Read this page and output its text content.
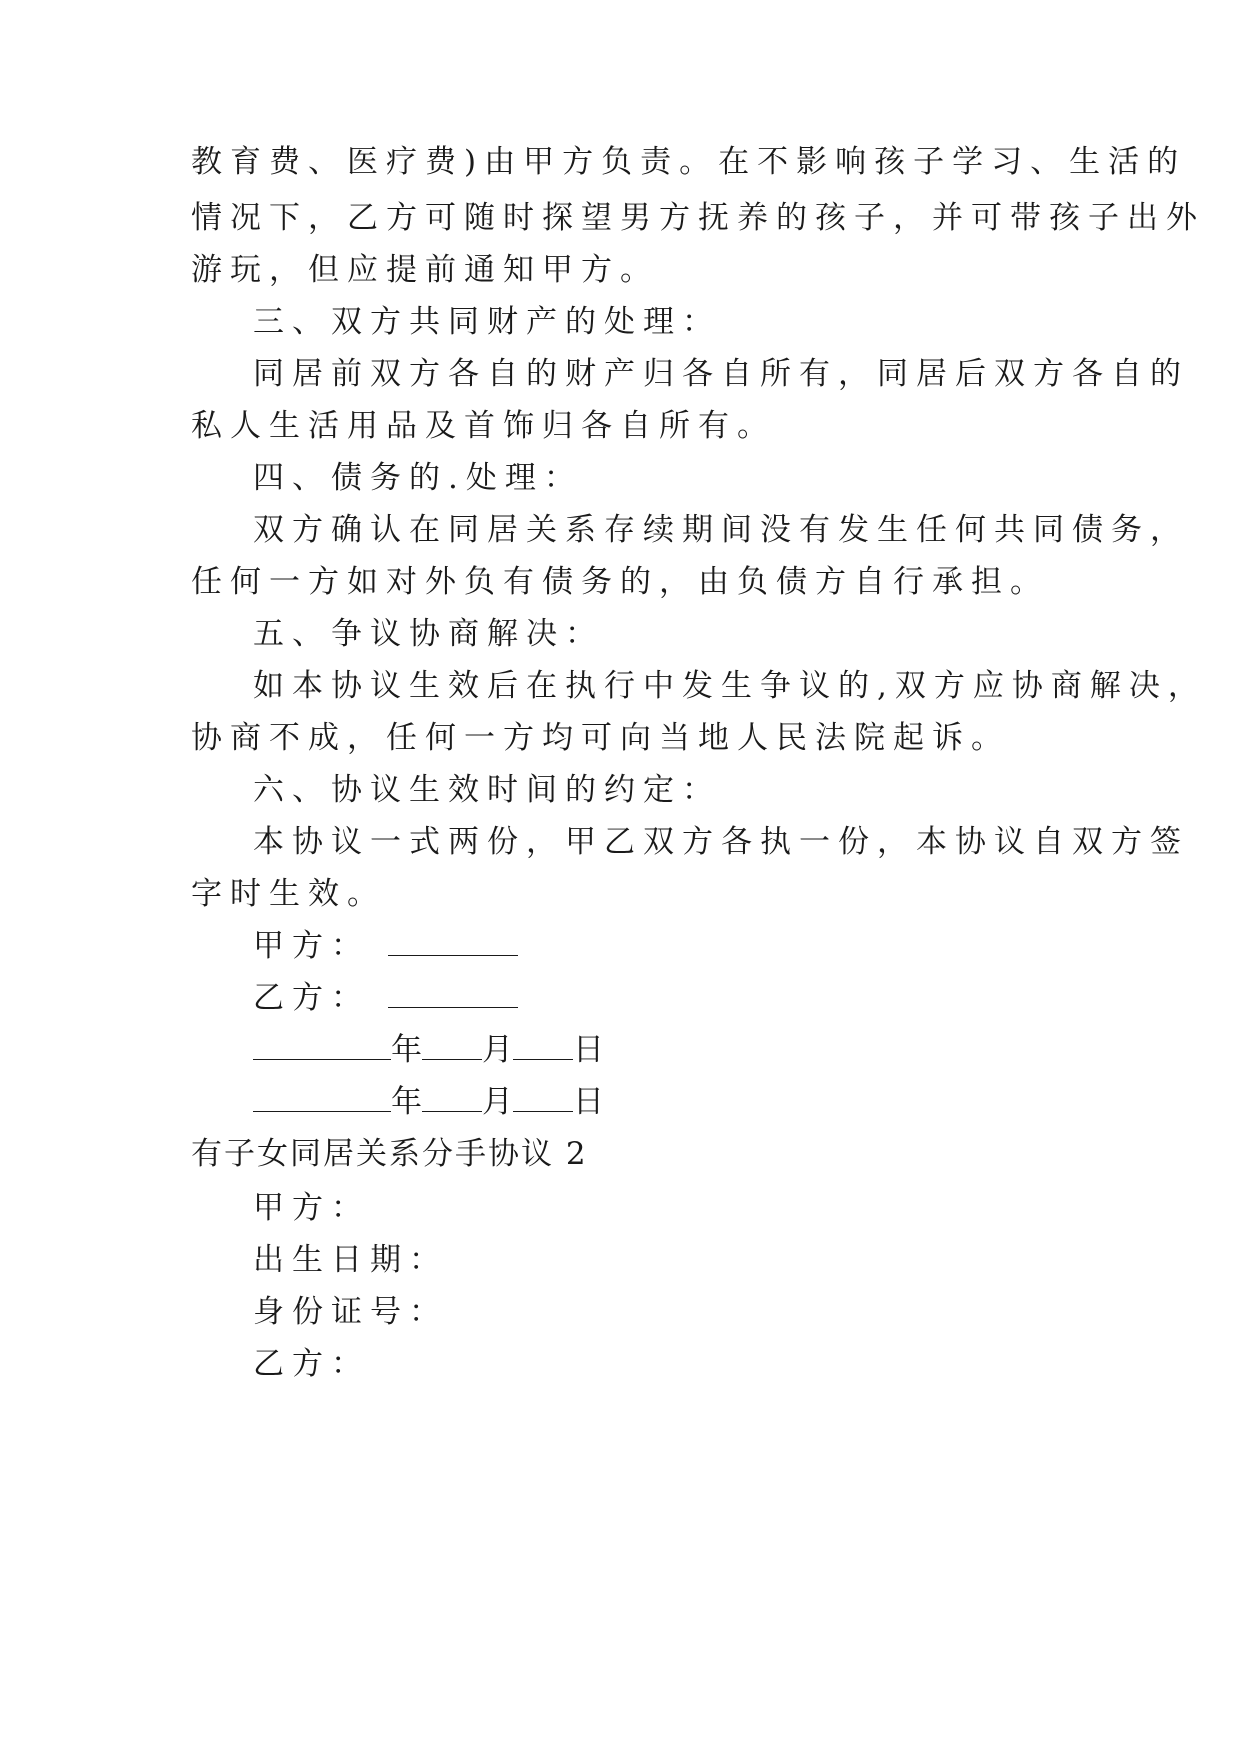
教育费、医疗费)由甲方负责。在不影响孩子学习、生活的
情况下，乙方可随时探望男方抚养的孩子，并可带孩子出外
游玩，但应提前通知甲方。
三、双方共同财产的处理：
同居前双方各自的财产归各自所有，同居后双方各自的
私人生活用品及首饰归各自所有。
四、债务的.处理：
双方确认在同居关系存续期间没有发生任何共同债务，
任何一方如对外负有债务的，由负债方自行承担。
五、争议协商解决：
如本协议生效后在执行中发生争议的,双方应协商解决，
协商不成，任何一方均可向当地人民法院起诉。
六、协议生效时间的约定：
本协议一式两份，甲乙双方各执一份，本协议自双方签
字时生效。
甲方：
乙方：
年 月 日
年 月 日
有子女同居关系分手协议 2
甲方：
出生日期：
身份证号：
乙方：
